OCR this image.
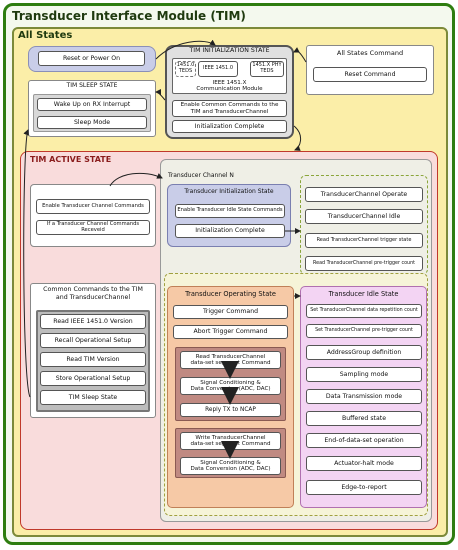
Transducer Interface Module (TIM)
All States
Reset or Power On
TIM SLEEP STATE
Wake Up on RX Interrupt
Sleep Mode
TIM INITIALIZATION STATE
1451.0
TEDS	IEEE 1451.0	1451.X PHY
TEDS
IEEE 1451.X
Communication Module
Enable Common Commands to the
TIM and TransducerChannel
Initialization Complete
All States Command
Reset Command
TIM ACTIVE STATE
Enable Transducer Channel Commands
If a Transducer Channel Commands Receveid
Common Commands to the TIM
and TransducerChannel
Read IEEE 1451.0 Version
Recall Operational Setup
Read TIM Version
Store Operational Setup
TIM Sleep State
Transducer Channel N
Transducer Initialization State
Enable Transducer Idle State Commands
Initialization Complete
TransducerChannel Operate
TransducerChannel Idle
Read TransducerChannel trigger state
Read TransducerChannel pre-trigger count
Transducer Operating State
Trigger Command
Abort Trigger Command
Read TransducerChannel
data-set segment Command
Signal Conditioning &
Data Conversion (ADC, DAC)
Reply TX to NCAP
Write TransducerChannel
data-set segment Command
Signal Conditioning &
Data Conversion (ADC, DAC)
Transducer Idle State
Set TransducerChannel data repetition count
Set TransducerChannel pre-trigger count
AddressGroup definition
Sampling mode
Data Transmission mode
Buffered state
End-of-data-set operation
Actuator-halt mode
Edge-to-report
